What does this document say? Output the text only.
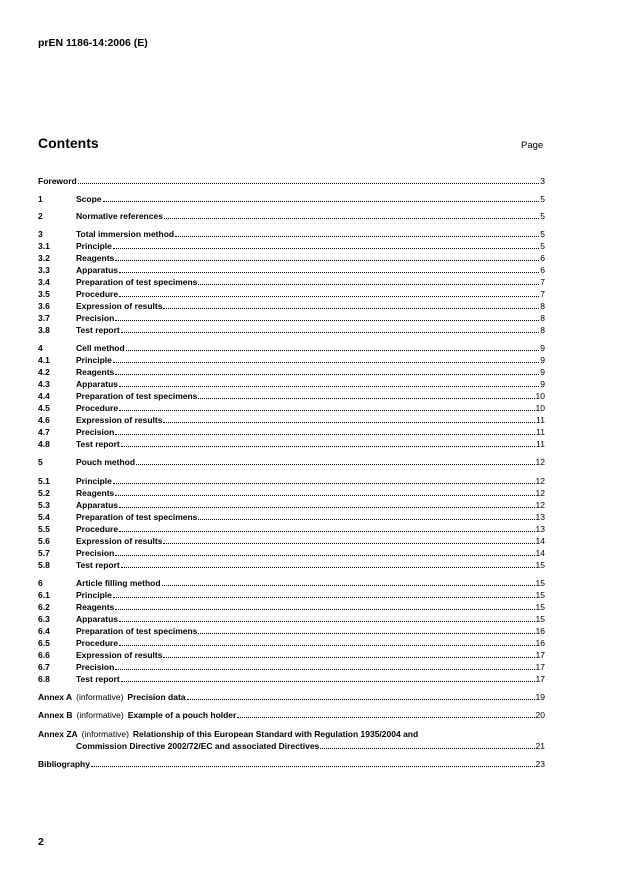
prEN 1186-14:2006 (E)
Contents	Page
Foreword	3
1	Scope	5
2	Normative references	5
3	Total immersion method	5
3.1	Principle	5
3.2	Reagents	6
3.3	Apparatus	6
3.4	Preparation of test specimens	7
3.5	Procedure	7
3.6	Expression of results	8
3.7	Precision	8
3.8	Test report	8
4	Cell method	9
4.1	Principle	9
4.2	Reagents	9
4.3	Apparatus	9
4.4	Preparation of test specimens	10
4.5	Procedure	10
4.6	Expression of results	11
4.7	Precision	11
4.8	Test report	11
5	Pouch method	12
5.1	Principle	12
5.2	Reagents	12
5.3	Apparatus	12
5.4	Preparation of test specimens	13
5.5	Procedure	13
5.6	Expression of results	14
5.7	Precision	14
5.8	Test report	15
6	Article filling method	15
6.1	Principle	15
6.2	Reagents	15
6.3	Apparatus	15
6.4	Preparation of test specimens	16
6.5	Procedure	16
6.6	Expression of results	17
6.7	Precision	17
6.8	Test report	17
Annex A (informative) Precision data	19
Annex B (informative) Example of a pouch holder	20
Annex ZA (informative) Relationship of this European Standard with Regulation 1935/2004 and
Commission Directive 2002/72/EC and associated Directives	21
Bibliography	23
2
